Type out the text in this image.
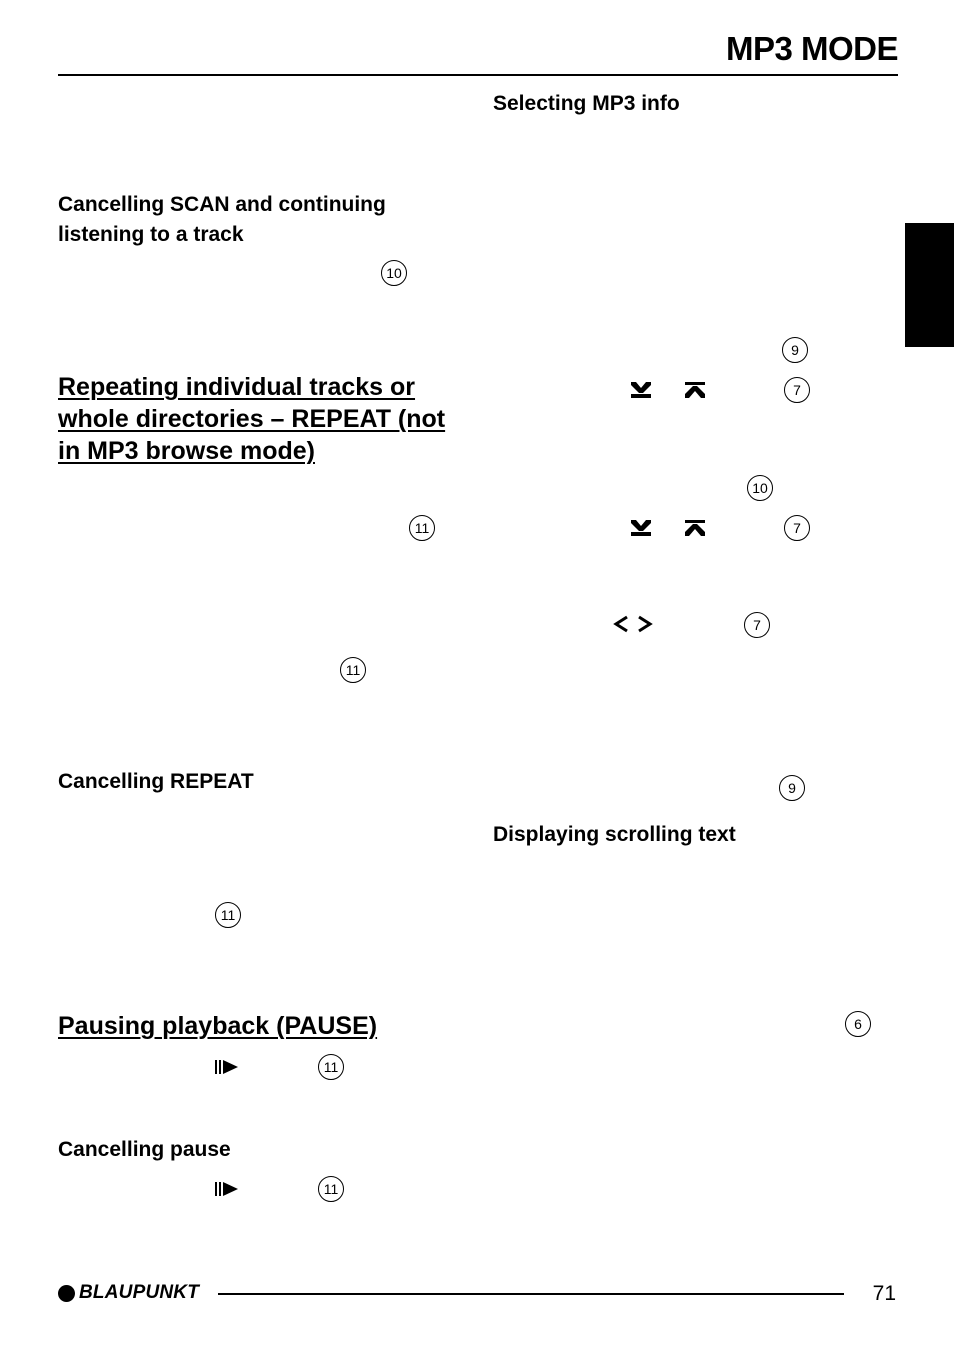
MP3 MODE
Cancelling SCAN and continuing listening to a track
10
Repeating individual tracks or whole directories – REPEAT (not in MP3 browse mode)
11
11
Cancelling REPEAT
11
Pausing playback (PAUSE)
11
Cancelling pause
11
Selecting MP3 info
9
7
10
7
7
9
Displaying scrolling text
6
BLAUPUNKT	71
